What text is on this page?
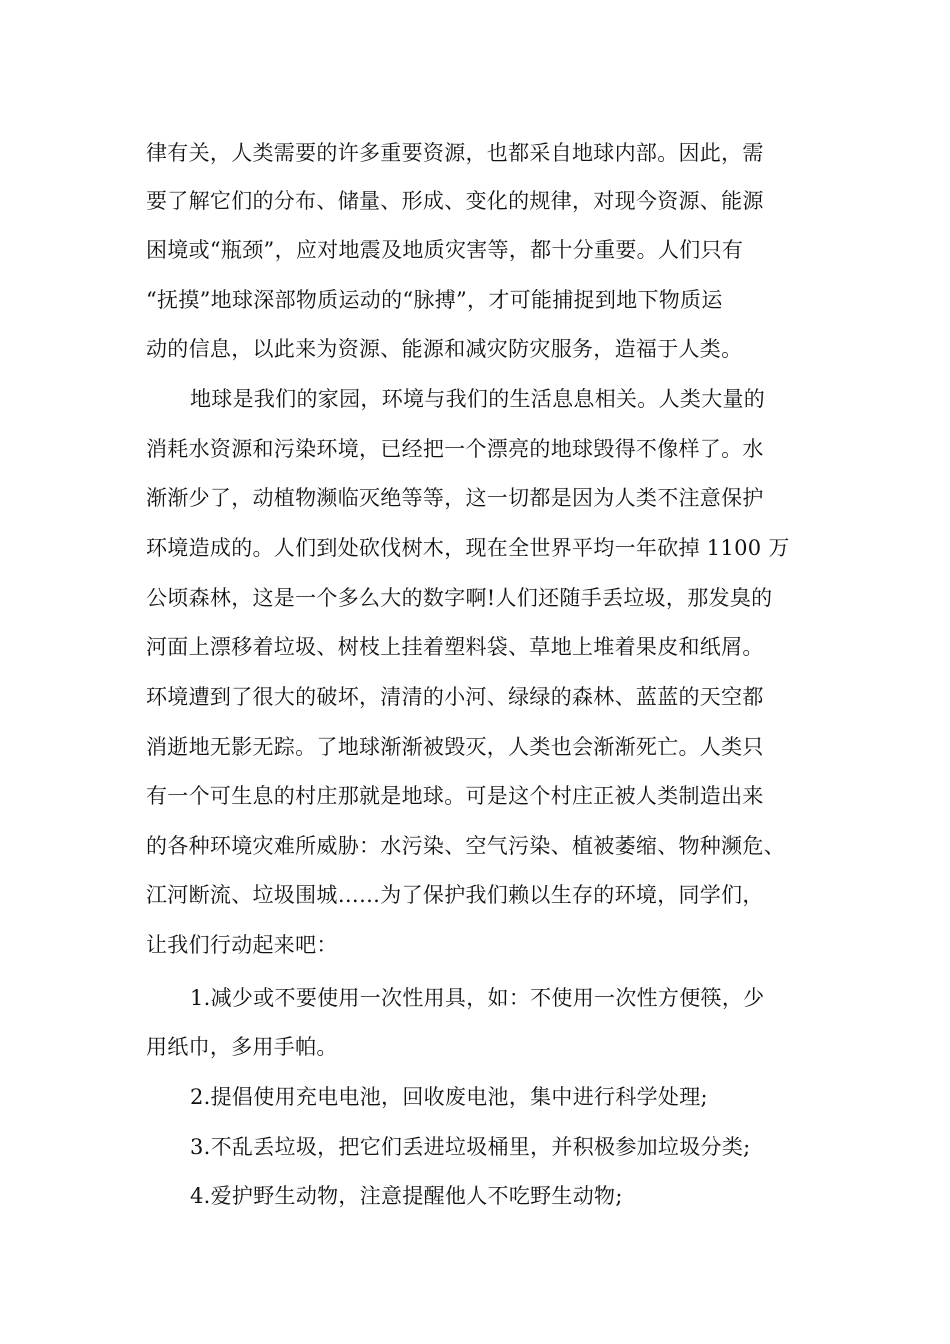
律有关，人类需要的许多重要资源，也都采自地球内部。因此，需
要了解它们的分布、储量、形成、变化的规律，对现今资源、能源
困境或“瓶颈”，应对地震及地质灾害等，都十分重要。人们只有
“抚摸”地球深部物质运动的“脉搏”，才可能捕捉到地下物质运
动的信息，以此来为资源、能源和减灾防灾服务，造福于人类。
地球是我们的家园，环境与我们的生活息息相关。人类大量的
消耗水资源和污染环境，已经把一个漂亮的地球毁得不像样了。水
渐渐少了，动植物濒临灭绝等等，这一切都是因为人类不注意保护
环境造成的。人们到处砍伐树木，现在全世界平均一年砍掉 1100 万
公顷森林，这是一个多么大的数字啊!人们还随手丢垃圾，那发臭的
河面上漂移着垃圾、树枝上挂着塑料袋、草地上堆着果皮和纸屑。
环境遭到了很大的破坏，清清的小河、绿绿的森林、蓝蓝的天空都
消逝地无影无踪。了地球渐渐被毁灭，人类也会渐渐死亡。人类只
有一个可生息的村庄那就是地球。可是这个村庄正被人类制造出来
的各种环境灾难所威胁：水污染、空气污染、植被萎缩、物种濒危、
江河断流、垃圾围城……为了保护我们赖以生存的环境，同学们，
让我们行动起来吧：
1.减少或不要使用一次性用具，如：不使用一次性方便筷，少
用纸巾，多用手帕。
2.提倡使用充电电池，回收废电池，集中进行科学处理;
3.不乱丢垃圾，把它们丢进垃圾桶里，并积极参加垃圾分类;
4.爱护野生动物，注意提醒他人不吃野生动物;
